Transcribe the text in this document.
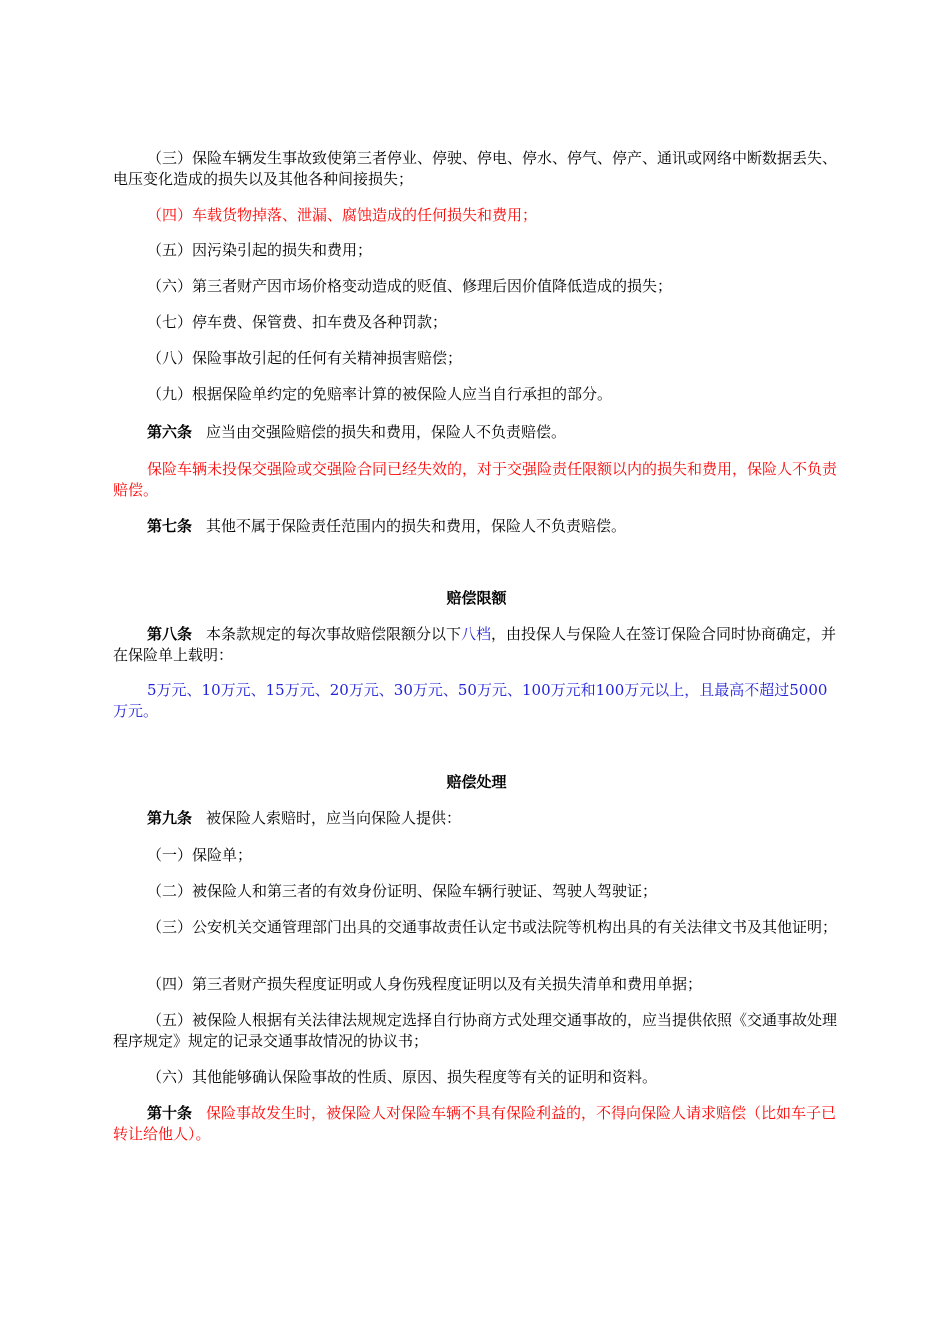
（三）保险车辆发生事故致使第三者停业、停驶、停电、停水、停气、停产、通讯或网络中断数据丢失、电压变化造成的损失以及其他各种间接损失；
（四）车载货物掉落、泄漏、腐蚀造成的任何损失和费用；
（五）因污染引起的损失和费用；
（六）第三者财产因市场价格变动造成的贬值、修理后因价值降低造成的损失；
（七）停车费、保管费、扣车费及各种罚款；
（八）保险事故引起的任何有关精神损害赔偿；
（九）根据保险单约定的免赔率计算的被保险人应当自行承担的部分。
第六条 应当由交强险赔偿的损失和费用，保险人不负责赔偿。
保险车辆未投保交强险或交强险合同已经失效的，对于交强险责任限额以内的损失和费用，保险人不负责赔偿。
第七条 其他不属于保险责任范围内的损失和费用，保险人不负责赔偿。
赔偿限额
第八条 本条款规定的每次事故赔偿限额分以下八档，由投保人与保险人在签订保险合同时协商确定，并在保险单上载明：
5万元、10万元、15万元、20万元、30万元、50万元、100万元和100万元以上，且最高不超过5000万元。
赔偿处理
第九条 被保险人索赔时，应当向保险人提供：
（一）保险单；
（二）被保险人和第三者的有效身份证明、保险车辆行驶证、驾驶人驾驶证；
（三）公安机关交通管理部门出具的交通事故责任认定书或法院等机构出具的有关法律文书及其他证明；
（四）第三者财产损失程度证明或人身伤残程度证明以及有关损失清单和费用单据；
（五）被保险人根据有关法律法规规定选择自行协商方式处理交通事故的，应当提供依照《交通事故处理程序规定》规定的记录交通事故情况的协议书；
（六）其他能够确认保险事故的性质、原因、损失程度等有关的证明和资料。
第十条 保险事故发生时，被保险人对保险车辆不具有保险利益的，不得向保险人请求赔偿（比如车子已转让给他人）。
